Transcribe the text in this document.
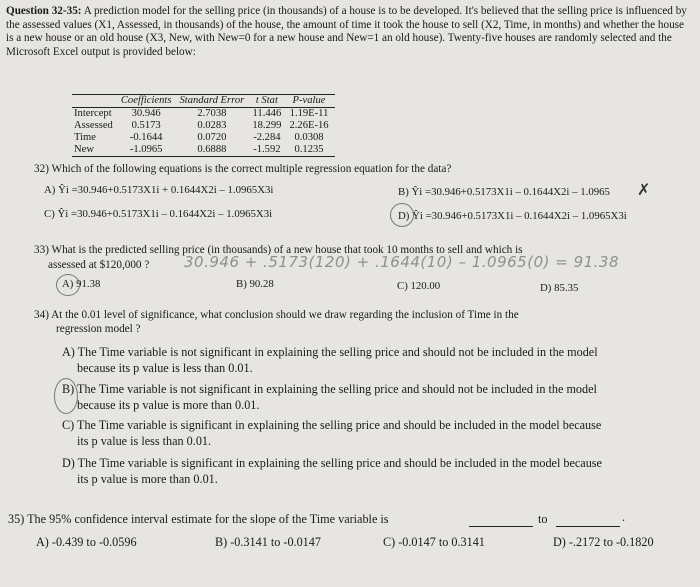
Question 32-35: A prediction model for the selling price (in thousands) of a house is to be developed. It's believed that the selling price is influenced by the assessed values (X1, Assessed, in thousands) of the house, the amount of time it took the house to sell (X2, Time, in months) and whether the house is a new house or an old house (X3, New, with New=0 for a new house and New=1 an old house). Twenty-five houses are randomly selected and the Microsoft Excel output is provided below:
	Coefficients	Standard Error	t Stat	P-value
Intercept	30.946	2.7038	11.446	1.19E-11
Assessed	0.5173	0.0283	18.299	2.26E-16
Time	-0.1644	0.0720	-2.284	0.0308
New	-1.0965	0.6888	-1.592	0.1235
32) Which of the following equations is the correct multiple regression equation for the data?
A) Ŷi =30.946+0.5173X1i + 0.1644X2i – 1.0965X3i	B) Ŷi =30.946+0.5173X1i – 0.1644X2i – 1.0965 ✗
C) Ŷi =30.946+0.5173X1i – 0.1644X2i – 1.0965X3i	D) Ŷi =30.946+0.5173X1i – 0.1644X2i – 1.0965X3i
33) What is the predicted selling price (in thousands) of a new house that took 10 months to sell and which is
assessed at $120,000 ? 30.946 + .5173(120) + .1644(10) – 1.0965(0) = 91.38
A) 91.38	B) 90.28	C) 120.00	D) 85.35
34) At the 0.01 level of significance, what conclusion should we draw regarding the inclusion of Time in the
regression model ?
A) The Time variable is not significant in explaining the selling price and should not be included in the model
because its p value is less than 0.01.
B) The Time variable is not significant in explaining the selling price and should not be included in the model
because its p value is more than 0.01.
C) The Time variable is significant in explaining the selling price and should be included in the model because
its p value is less than 0.01.
D) The Time variable is significant in explaining the selling price and should be included in the model because
its p value is more than 0.01.
35) The 95% confidence interval estimate for the slope of the Time variable is	to	.
A) -0.439 to -0.0596	B) -0.3141 to -0.0147	C) -0.0147 to 0.3141	D) -.2172 to -0.1820
